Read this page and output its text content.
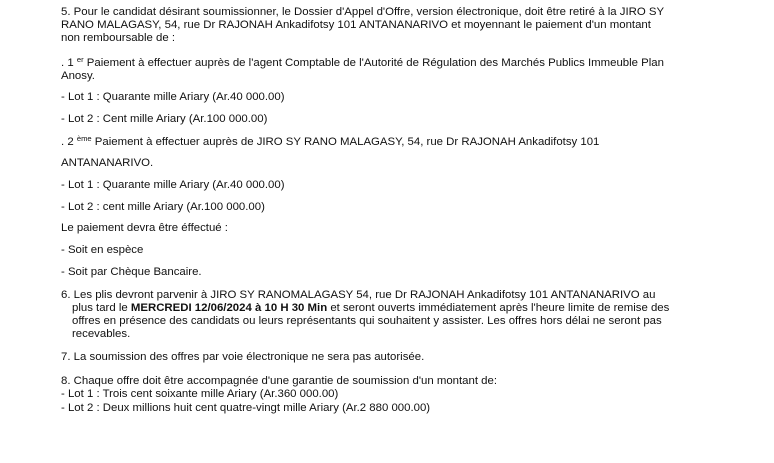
5. Pour le candidat désirant soumissionner, le Dossier d'Appel d'Offre, version électronique, doit être retiré à la JIRO SY
RANO MALAGASY, 54, rue Dr RAJONAH Ankadifotsy 101 ANTANANARIVO et moyennant le paiement d'un montant
non remboursable de :
. 1 $^{er}$ Paiement à effectuer auprès de l'agent Comptable de l'Autorité de Régulation des Marchés Publics Immeuble Plan
Anosy.
- Lot 1 : Quarante mille Ariary (Ar.40 000.00)
- Lot 2 : Cent mille Ariary (Ar.100 000.00)
. 2 $^{ème}$ Paiement à effectuer auprès de JIRO SY RANO MALAGASY, 54, rue Dr RAJONAH Ankadifotsy 101
ANTANANARIVO.
- Lot 1 : Quarante mille Ariary (Ar.40 000.00)
- Lot 2 : cent mille Ariary (Ar.100 000.00)
Le paiement devra être éffectué :
- Soit en espèce
- Soit par Chèque Bancaire.
6. Les plis devront parvenir à JIRO SY RANOMALAGASY 54, rue Dr RAJONAH Ankadifotsy 101 ANTANANARIVO au
plus tard le MERCREDI 12/06/2024 à 10 H 30 Min et seront ouverts immédiatement après l'heure limite de remise des
offres en présence des candidats ou leurs représentants qui souhaitent y assister. Les offres hors délai ne seront pas
recevables.
7. La soumission des offres par voie électronique ne sera pas autorisée.
8. Chaque offre doit être accompagnée d'une garantie de soumission d'un montant de:
- Lot 1 : Trois cent soixante mille Ariary (Ar.360 000.00)
- Lot 2 : Deux millions huit cent quatre-vingt mille Ariary (Ar.2 880 000.00)
